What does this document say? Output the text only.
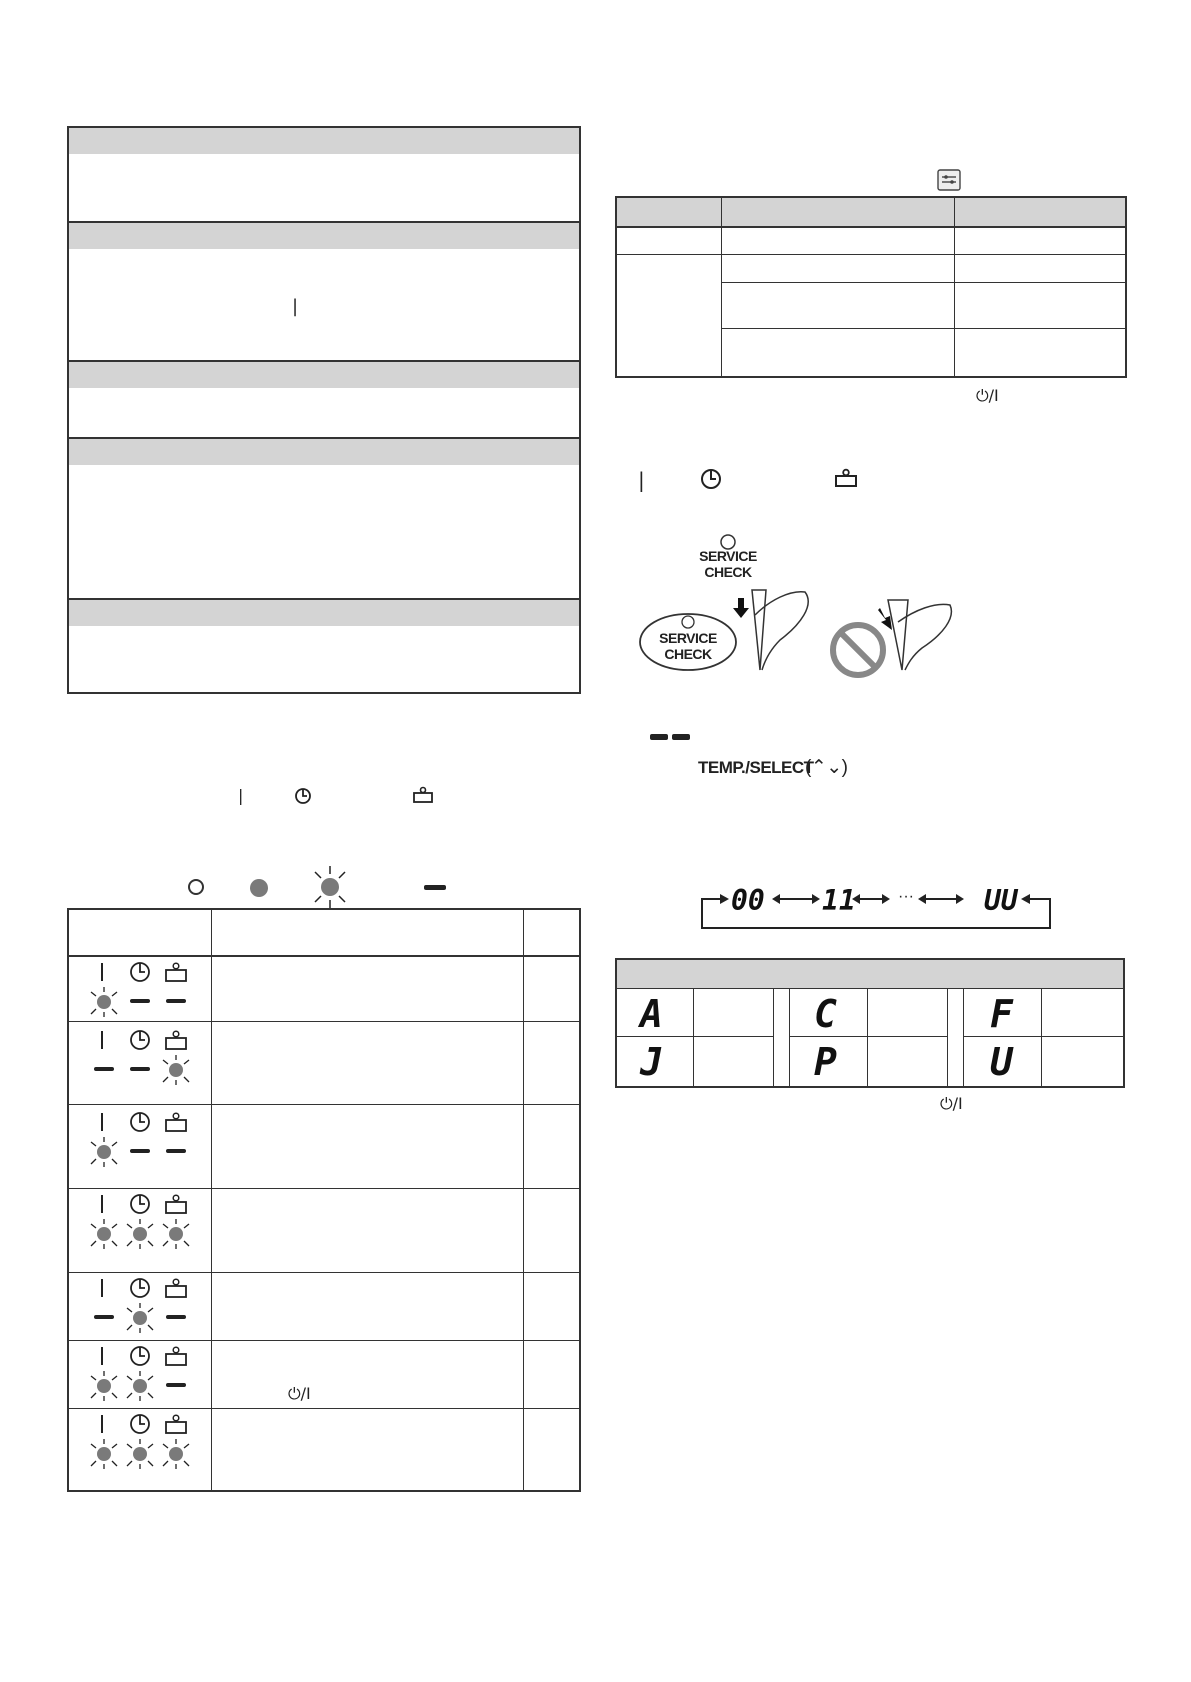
|
|
⏻/I
⏻/I
|
SERVICE
CHECK
SERVICE
CHECK
TEMP./SELECT
(⌃⌄)
00 11	···	UU
A	C	F
J	P	U
⏻/I
